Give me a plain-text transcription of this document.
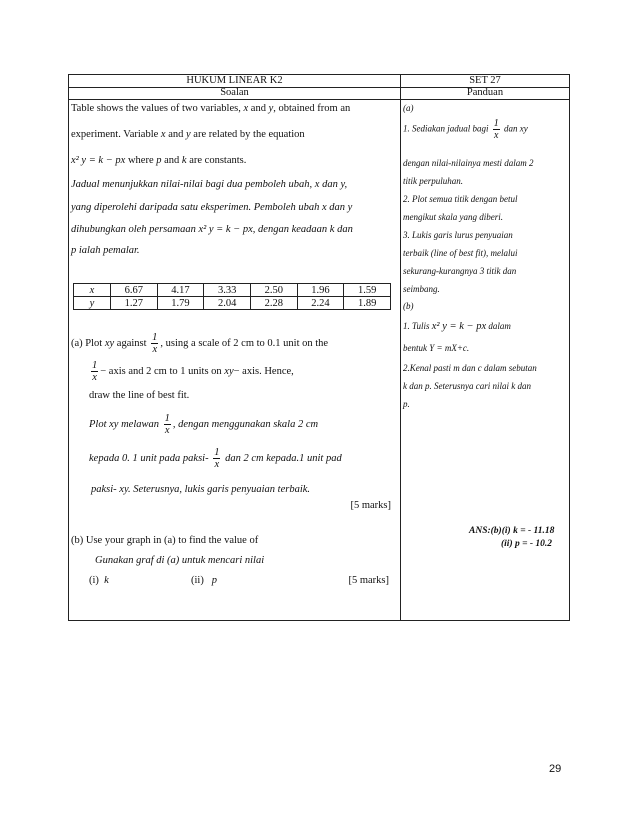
HUKUM LINEAR K2	SET 27
Soalan	Panduan
Table shows the values of two variables, x and y, obtained from an
experiment. Variable x and y are related by the equation
x² y = k − px where p and k are constants.
Jadual menunjukkan nilai-nilai bagi dua pemboleh ubah, x dan y,
yang diperolehi daripada satu eksperimen. Pemboleh ubah x dan y
dihubungkan oleh persamaan x² y = k − px, dengan keadaan k dan
p ialah pemalar.
x	6.67	4.17	3.33	2.50	1.96	1.59
y	1.27	1.79	2.04	2.28	2.24	1.89
(a) Plot xy against $\frac{1}{x}$ , using a scale of 2 cm to 0.1 unit on the
$\frac{1}{x}$ − axis and 2 cm to 1 units on xy− axis. Hence,
draw the line of best fit.
Plot xy melawan $\frac{1}{x}$ , dengan menggunakan skala 2 cm
kepada 0. 1 unit pada paksi- $\frac{1}{x}$ dan 2 cm kepada.1 unit pad
paksi- xy. Seterusnya, lukis garis penyuaian terbaik.
[5 marks]
(b) Use your graph in (a) to find the value of
Gunakan graf di (a) untuk mencari nilai
(i) k	(ii) p	[5 marks]
(a)
1. Sediakan jadual bagi $\frac{1}{x}$ dan xy
dengan nilai-nilainya mesti dalam 2
titik perpuluhan.
2. Plot semua titik dengan betul
mengikut skala yang diberi.
3. Lukis garis lurus penyuaian
terbaik (line of best fit), melalui
sekurang-kurangnya 3 titik dan
seimbang.
(b)
1. Tulis x² y = k − px dalam
bentuk Y = mX+c.
2.Kenal pasti m dan c dalam sebutan
k dan p. Seterusnya cari nilai k dan
p.
ANS:(b)(i) k = - 11.18
(ii) p = - 10.2
29
